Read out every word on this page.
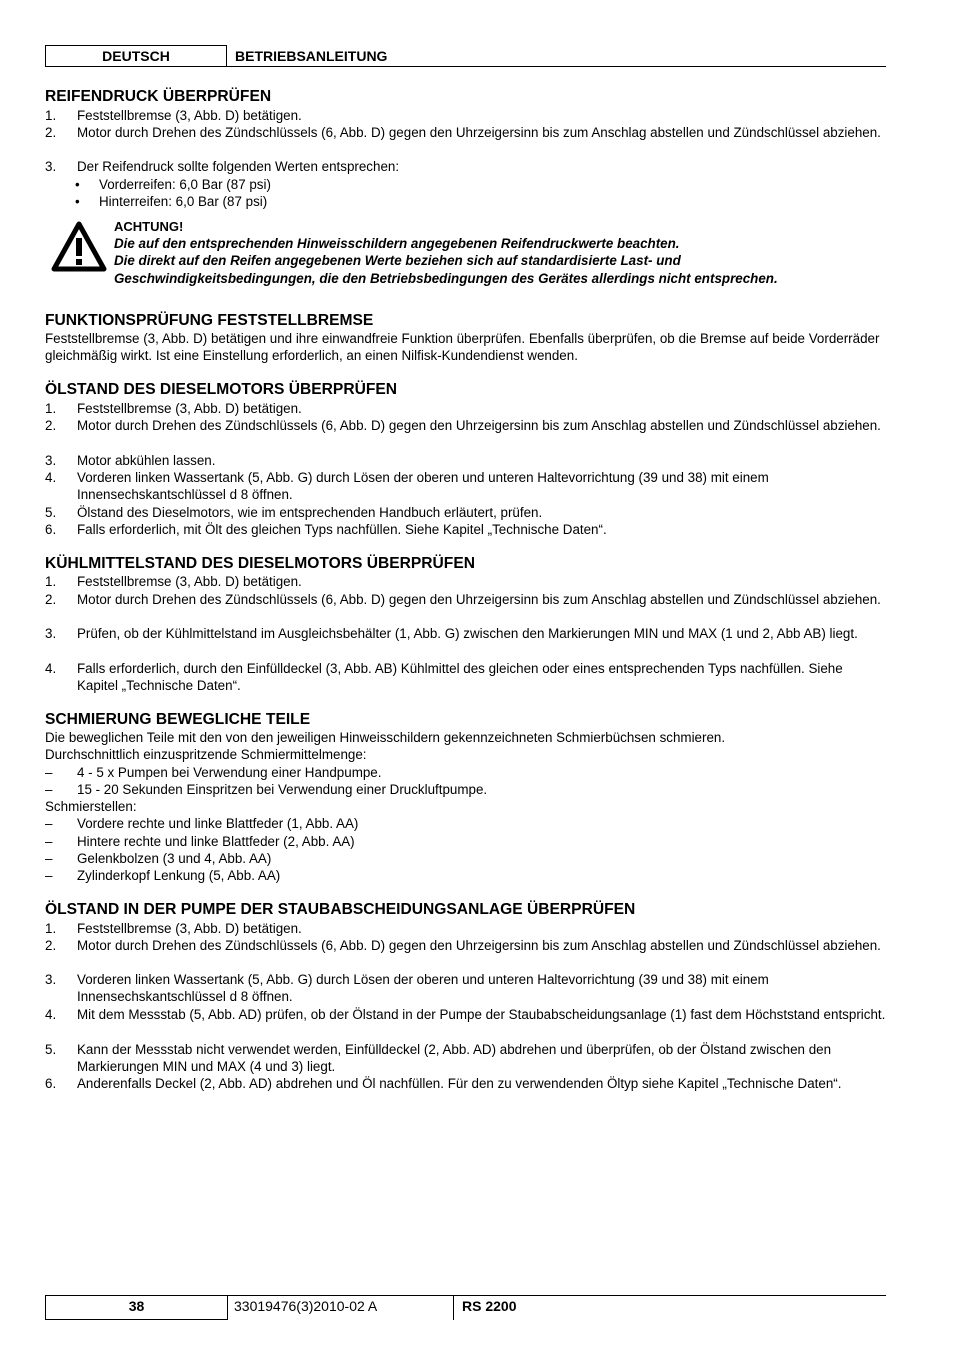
DEUTSCH	BETRIEBSANLEITUNG
REIFENDRUCK ÜBERPRÜFEN
1. Feststellbremse (3, Abb. D) betätigen.
2. Motor durch Drehen des Zündschlüssels (6, Abb. D) gegen den Uhrzeigersinn bis zum Anschlag abstellen und Zündschlüssel abziehen.
3. Der Reifendruck sollte folgenden Werten entsprechen:
• Vorderreifen: 6,0 Bar (87 psi)
• Hinterreifen: 6,0 Bar (87 psi)
ACHTUNG!
Die auf den entsprechenden Hinweisschildern angegebenen Reifendruckwerte beachten.
Die direkt auf den Reifen angegebenen Werte beziehen sich auf standardisierte Last- und Geschwindigkeitsbedingungen, die den Betriebsbedingungen des Gerätes allerdings nicht entsprechen.
FUNKTIONSPRÜFUNG FESTSTELLBREMSE
Feststellbremse (3, Abb. D) betätigen und ihre einwandfreie Funktion überprüfen. Ebenfalls überprüfen, ob die Bremse auf beide Vorderräder gleichmäßig wirkt. Ist eine Einstellung erforderlich, an einen Nilfisk-Kundendienst wenden.
ÖLSTAND DES DIESELMOTORS ÜBERPRÜFEN
1. Feststellbremse (3, Abb. D) betätigen.
2. Motor durch Drehen des Zündschlüssels (6, Abb. D) gegen den Uhrzeigersinn bis zum Anschlag abstellen und Zündschlüssel abziehen.
3. Motor abkühlen lassen.
4. Vorderen linken Wassertank (5, Abb. G) durch Lösen der oberen und unteren Haltevorrichtung (39 und 38) mit einem Innensechskantschlüssel d 8 öffnen.
5. Ölstand des Dieselmotors, wie im entsprechenden Handbuch erläutert, prüfen.
6. Falls erforderlich, mit Ölt des gleichen Typs nachfüllen. Siehe Kapitel „Technische Daten“.
KÜHLMITTELSTAND DES DIESELMOTORS ÜBERPRÜFEN
1. Feststellbremse (3, Abb. D) betätigen.
2. Motor durch Drehen des Zündschlüssels (6, Abb. D) gegen den Uhrzeigersinn bis zum Anschlag abstellen und Zündschlüssel abziehen.
3. Prüfen, ob der Kühlmittelstand im Ausgleichsbehälter (1, Abb. G) zwischen den Markierungen MIN und MAX (1 und 2, Abb AB) liegt.
4. Falls erforderlich, durch den Einfülldeckel (3, Abb. AB) Kühlmittel des gleichen oder eines entsprechenden Typs nachfüllen. Siehe Kapitel „Technische Daten“.
SCHMIERUNG BEWEGLICHE TEILE
Die beweglichen Teile mit den von den jeweiligen Hinweisschildern gekennzeichneten Schmierbüchsen schmieren.
Durchschnittlich einzuspritzende Schmiermittelmenge:
– 4 - 5 x Pumpen bei Verwendung einer Handpumpe.
– 15 - 20 Sekunden Einspritzen bei Verwendung einer Druckluftpumpe.
Schmierstellen:
– Vordere rechte und linke Blattfeder (1, Abb. AA)
– Hintere rechte und linke Blattfeder (2, Abb. AA)
– Gelenkbolzen (3 und 4, Abb. AA)
– Zylinderkopf Lenkung (5, Abb. AA)
ÖLSTAND IN DER PUMPE DER STAUBABSCHEIDUNGSANLAGE ÜBERPRÜFEN
1. Feststellbremse (3, Abb. D) betätigen.
2. Motor durch Drehen des Zündschlüssels (6, Abb. D) gegen den Uhrzeigersinn bis zum Anschlag abstellen und Zündschlüssel abziehen.
3. Vorderen linken Wassertank (5, Abb. G) durch Lösen der oberen und unteren Haltevorrichtung (39 und 38) mit einem Innensechskantschlüssel d 8 öffnen.
4. Mit dem Messstab (5, Abb. AD) prüfen, ob der Ölstand in der Pumpe der Staubabscheidungsanlage (1) fast dem Höchststand entspricht.
5. Kann der Messstab nicht verwendet werden, Einfülldeckel (2, Abb. AD) abdrehen und überprüfen, ob der Ölstand zwischen den Markierungen MIN und MAX (4 und 3) liegt.
6. Anderenfalls Deckel (2, Abb. AD) abdrehen und Öl nachfüllen. Für den zu verwendenden Öltyp siehe Kapitel „Technische Daten“.
38	33019476(3)2010-02 A	RS 2200
